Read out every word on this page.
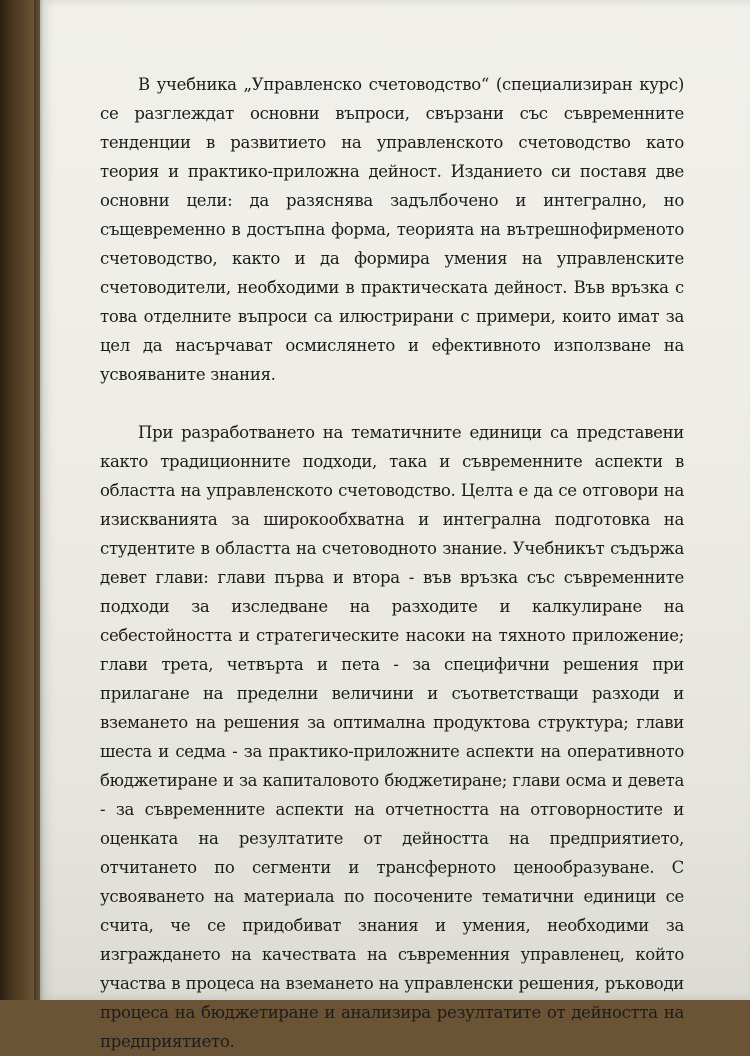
В учебника „Управленско счетоводство“ (специализиран курс) се разглеждат основни въпроси, свързани със съвременните тенденции в развитието на управленското счетоводство като теория и практико-приложна дейност. Изданието си поставя две основни цели: да разяснява задълбочено и интегрално, но същевременно в достъпна форма, теорията на вътрешнофирменото счетоводство, както и да формира умения на управленските счетоводители, необходими в практическата дейност. Във връзка с това отделните въпроси са илюстрирани с примери, които имат за цел да насърчават осмислянето и ефективното използване на усвояваните знания.

При разработването на тематичните единици са представени както традиционните подходи, така и съвременните аспекти в областта на управленското счетоводство. Целта е да се отговори на изискванията за широкообхватна и интегрална подготовка на студентите в областта на счетоводното знание. Учебникът съдържа девет глави: глави първа и втора - във връзка със съвременните подходи за изследване на разходите и калкулиране на себестойността и стратегическите насоки на тяхното приложение; глави трета, четвърта и пета - за специфични решения при прилагане на пределни величини и съответстващи разходи и вземането на решения за оптимална продуктова структура; глави шеста и седма - за практико-приложните аспекти на оперативното бюджетиране и за капиталовото бюджетиране; глави осма и девета - за съвременните аспекти на отчетността на отговорностите и оценката на резултатите от дейността на предприятието, отчитането по сегменти и трансферното ценообразуване. С усвояването на материала по посочените тематични единици се счита, че се придобиват знания и умения, необходими за изграждането на качествата на съвременния управленец, който участва в процеса на вземането на управленски решения, ръководи процеса на бюджетиране и анализира резултатите от дейността на предприятието.
